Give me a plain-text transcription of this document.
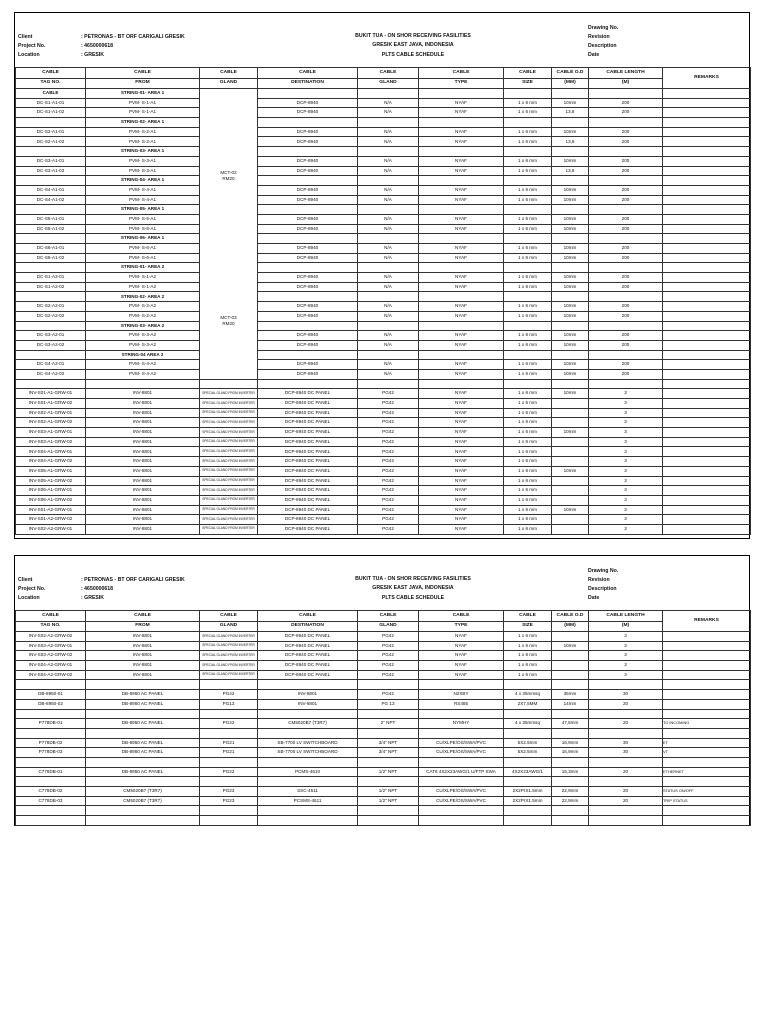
Client	: PETRONAS - BT ORF CARIGALI GRESIK
Project No.	: 4650000618
Location	: GRESIK
BUKIT TUA - ON SHOR RECEIVING FASILITIES
GRESIK EAST JAVA, INDONESIA
PLTS CABLE SCHEDULE
Drawing No.
Revision
Description
Date
CABLE	CABLE	CABLE	CABLE	CABLE	CABLE	CABLE	CABLE O.D	CABLE LENGTH	REMARKS
TAG NO.	FROM	GLAND	DESTINATION	GLAND	TYPE	SIZE	(MM)	(M)	
CABLE	STRING-01- AREA 1	MCT-02
RM20							
DC-S1-A1-01	PVM- S-1-A1		DCP-8940	N/A	NYAF	1 x 6 mm	10mm	200	
DC-S1-A1-02	PVM- S-1-A1		DCP-8940	N/A	NYAF	1 x 6 mm	13,8	200	
	STRING-02- AREA 1								
DC-S2-A1-01	PVM- S-2-A1		DCP-8940	N/A	NYAF	1 x 6 mm	10mm	200	
DC-S2-A1-02	PVM- S-2-A1		DCP-8940	N/A	NYAF	1 x 6 mm	13,8	200	
	STRING-03- AREA 1								
DC-S3-A1-01	PVM- S-3-A1		DCP-8940	N/A	NYAF	1 x 6 mm	10mm	200	
DC-S3-A1-02	PVM- S-3-A1		DCP-8940	N/A	NYAF	1 x 6 mm	13,8	200	
	STRING-04- AREA 1								
DC-S4-A1-01	PVM- S-4-A1		DCP-8940	N/A	NYAF	1 x 6 mm	10mm	200	
DC-S4-A1-02	PVM- S-4-A1		DCP-8940	N/A	NYAF	1 x 6 mm	10mm	200	
	STRING-05- AREA 1								
DC-S5-A1-01	PVM- S-5-A1		DCP-8940	N/A	NYAF	1 x 6 mm	10mm	200	
DC-S5-A1-02	PVM- S-5-A1		DCP-8940	N/A	NYAF	1 x 6 mm	10mm	200	
	STRING-06- AREA 1								
DC-S6-A1-01	PVM- S-6-A1		DCP-8940	N/A	NYAF	1 x 6 mm	10mm	200	
DC-S6-A1-02	PVM- S-6-A1		DCP-8940	N/A	NYAF	1 x 6 mm	10mm	200	
	STRING-01- AREA 2	MCT-03
RM20							
DC-S1-A2-01	PVM- S-1-A2		DCP-8940	N/A	NYAF	1 x 6 mm	10mm	200	
DC-S1-A2-02	PVM- S-1-A2		DCP-8940	N/A	NYAF	1 x 6 mm	10mm	200	
	STRING-02- AREA 2								
DC-S2-A2-01	PVM- S-2-A2		DCP-8940	N/A	NYAF	1 x 6 mm	10mm	200	
DC-S2-A2-02	PVM- S-2-A2		DCP-8940	N/A	NYAF	1 x 6 mm	10mm	200	
	STRING-03- AREA 2								
DC-S3-A2-01	PVM- S-3-A2		DCP-8940	N/A	NYAF	1 x 6 mm	10mm	200	
DC-S3-A2-02	PVM- S-3-A2		DCP-8940	N/A	NYAF	1 x 6 mm	10mm	200	
	STRING-04 AREA 2								
DC-S4-A2-01	PVM- S-4-A2		DCP-8940	N/A	NYAF	1 x 6 mm	10mm	200	
DC-S4-A2-02	PVM- S-4-A2		DCP-8940	N/A	NYAF	1 x 6 mm	10mm	200	

INV-S01-A1-GRW-01	INV-8801	SPECIAL GLAND FROM INVERTER	DCP-8940 DC PANEL	PG42	NYAF	1 x 6 mm	10mm	3	
INV-S01-A1-GRW-02	INV-8801	SPECIAL GLAND FROM INVERTER	DCP-8940 DC PANEL	PG42	NYAF	1 x 6 mm		3	
INV-S02-A1-GRW-01	INV-8801	SPECIAL GLAND FROM INVERTER	DCP-8940 DC PANEL	PG42	NYAF	1 x 6 mm		3	
INV-S02-A1-GRW-02	INV-8801	SPECIAL GLAND FROM INVERTER	DCP-8940 DC PANEL	PG42	NYAF	1 x 6 mm		3	
INV-S03-A1-GRW-01	INV-8801	SPECIAL GLAND FROM INVERTER	DCP-8940 DC PANEL	PG42	NYAF	1 x 6 mm	10mm	3	
INV-S03-A1-GRW-02	INV-8801	SPECIAL GLAND FROM INVERTER	DCP-8940 DC PANEL	PG42	NYAF	1 x 6 mm		3	
INV-S04-A1-GRW-01	INV-8801	SPECIAL GLAND FROM INVERTER	DCP-8940 DC PANEL	PG42	NYAF	1 x 6 mm		3	
INV-S04-A1-GRW-02	INV-8801	SPECIAL GLAND FROM INVERTER	DCP-8940 DC PANEL	PG42	NYAF	1 x 6 mm		3	
INV-S05-A1-GRW-01	INV-8801	SPECIAL GLAND FROM INVERTER	DCP-8940 DC PANEL	PG42	NYAF	1 x 6 mm	10mm	3	
INV-S05-A1-GRW-02	INV-8801	SPECIAL GLAND FROM INVERTER	DCP-8940 DC PANEL	PG42	NYAF	1 x 6 mm		3	
INV-S06-A1-GRW-01	INV-8801	SPECIAL GLAND FROM INVERTER	DCP-8940 DC PANEL	PG42	NYAF	1 x 6 mm		3	
INV-S06-A1-GRW-02	INV-8801	SPECIAL GLAND FROM INVERTER	DCP-8940 DC PANEL	PG42	NYAF	1 x 6 mm		3	
INV-S01-A2-GRW-01	INV-8801	SPECIAL GLAND FROM INVERTER	DCP-8940 DC PANEL	PG42	NYAF	1 x 6 mm	10mm	3	
INV-S01-A2-GRW-02	INV-8801	SPECIAL GLAND FROM INVERTER	DCP-8940 DC PANEL	PG42	NYAF	1 x 6 mm		3	
INV-S02-A2-GRW-01	INV-8801	SPECIAL GLAND FROM INVERTER	DCP-8940 DC PANEL	PG42	NYAF	1 x 6 mm		3	
Client	: PETRONAS - BT ORF CARIGALI GRESIK
Project No.	: 4650000618
Location	: GRESIK
BUKIT TUA - ON SHOR RECEIVING FASILITIES
GRESIK EAST JAVA, INDONESIA
PLTS CABLE SCHEDULE
Drawing No.
Revision
Description
Date
CABLE	CABLE	CABLE	CABLE	CABLE	CABLE	CABLE	CABLE O.D	CABLE LENGTH	REMARKS
TAG NO.	FROM	GLAND	DESTINATION	GLAND	TYPE	SIZE	(MM)	(M)	
INV-S02-A2-GRW-02	INV-8801	SPECIAL GLAND FROM INVERTER	DCP-8940 DC PANEL	PG42	NYAF	1 x 6 mm		3	
INV-S03-A2-GRW-01	INV-8801	SPECIAL GLAND FROM INVERTER	DCP-8940 DC PANEL	PG42	NYAF	1 x 6 mm	10mm	3	
INV-S03-A2-GRW-02	INV-8801	SPECIAL GLAND FROM INVERTER	DCP-8940 DC PANEL	PG42	NYAF	1 x 6 mm		3	
INV-S04-A2-GRW-01	INV-8801	SPECIAL GLAND FROM INVERTER	DCP-8940 DC PANEL	PG42	NYAF	1 x 6 mm		3	
INV-S04-A2-GRW-02	INV-8801	SPECIAL GLAND FROM INVERTER	DCP-8940 DC PANEL	PG42	NYAF	1 x 6 mm		3	

DB-8950-01	DB-8950 AC PANEL	PG42	INV-8801	PG42	N2XBY	4 x 35mmsq	35mm	30	
DB-8950-02	DB-8950 AC PANEL	PG13	INV-8801	PG 13	RS485	2X7,5MM	14mm	20	

P778DB-01	DB-8950 AC PANEL	PG42	CM5020B7 (T3R7)	2" NPT	NYMHY	4 x 35mmsq	47,5mm	20	TO INCOMING

P778DB-02	DB-8950 AC PANEL	PG21	SB-7700 LV SWITCHBOARD	3/4" NPT	CU/XLPE/OS/SWA/PVC	5X2.5mm	16,9mm	30	ET
P778DB-03	DB-8950 AC PANEL	PG21	SB-7700 LV SWITCHBOARD	3/4" NPT	CU/XLPE/OS/SWA/PVC	5X2.5mm	16,9mm	30	VT

C778DB-01	DB-8950 AC PANEL	PG22	PCMS-4610	1/2" NPT	CAT6 4X2X23AWG/1 U/FTP SWA	4X2X23AWG/1	15,3mm	20	ETHERNET

C778DB-02	CM5020B7 (T3R7)	PG23	SSC-4511	1/2" NPT	CU/XLPE/OS/SWA/PVC	2X2PrX1.5mm	22,9mm	20	STATUS ON/OFF
C778DB-03	CM5020B7 (T3R7)	PG23	PCSMS-4611	1/2" NPT	CU/XLPE/OS/SWA/PVC	2X2PrX1.5mm	22,9mm	20	TRIP STATUS
